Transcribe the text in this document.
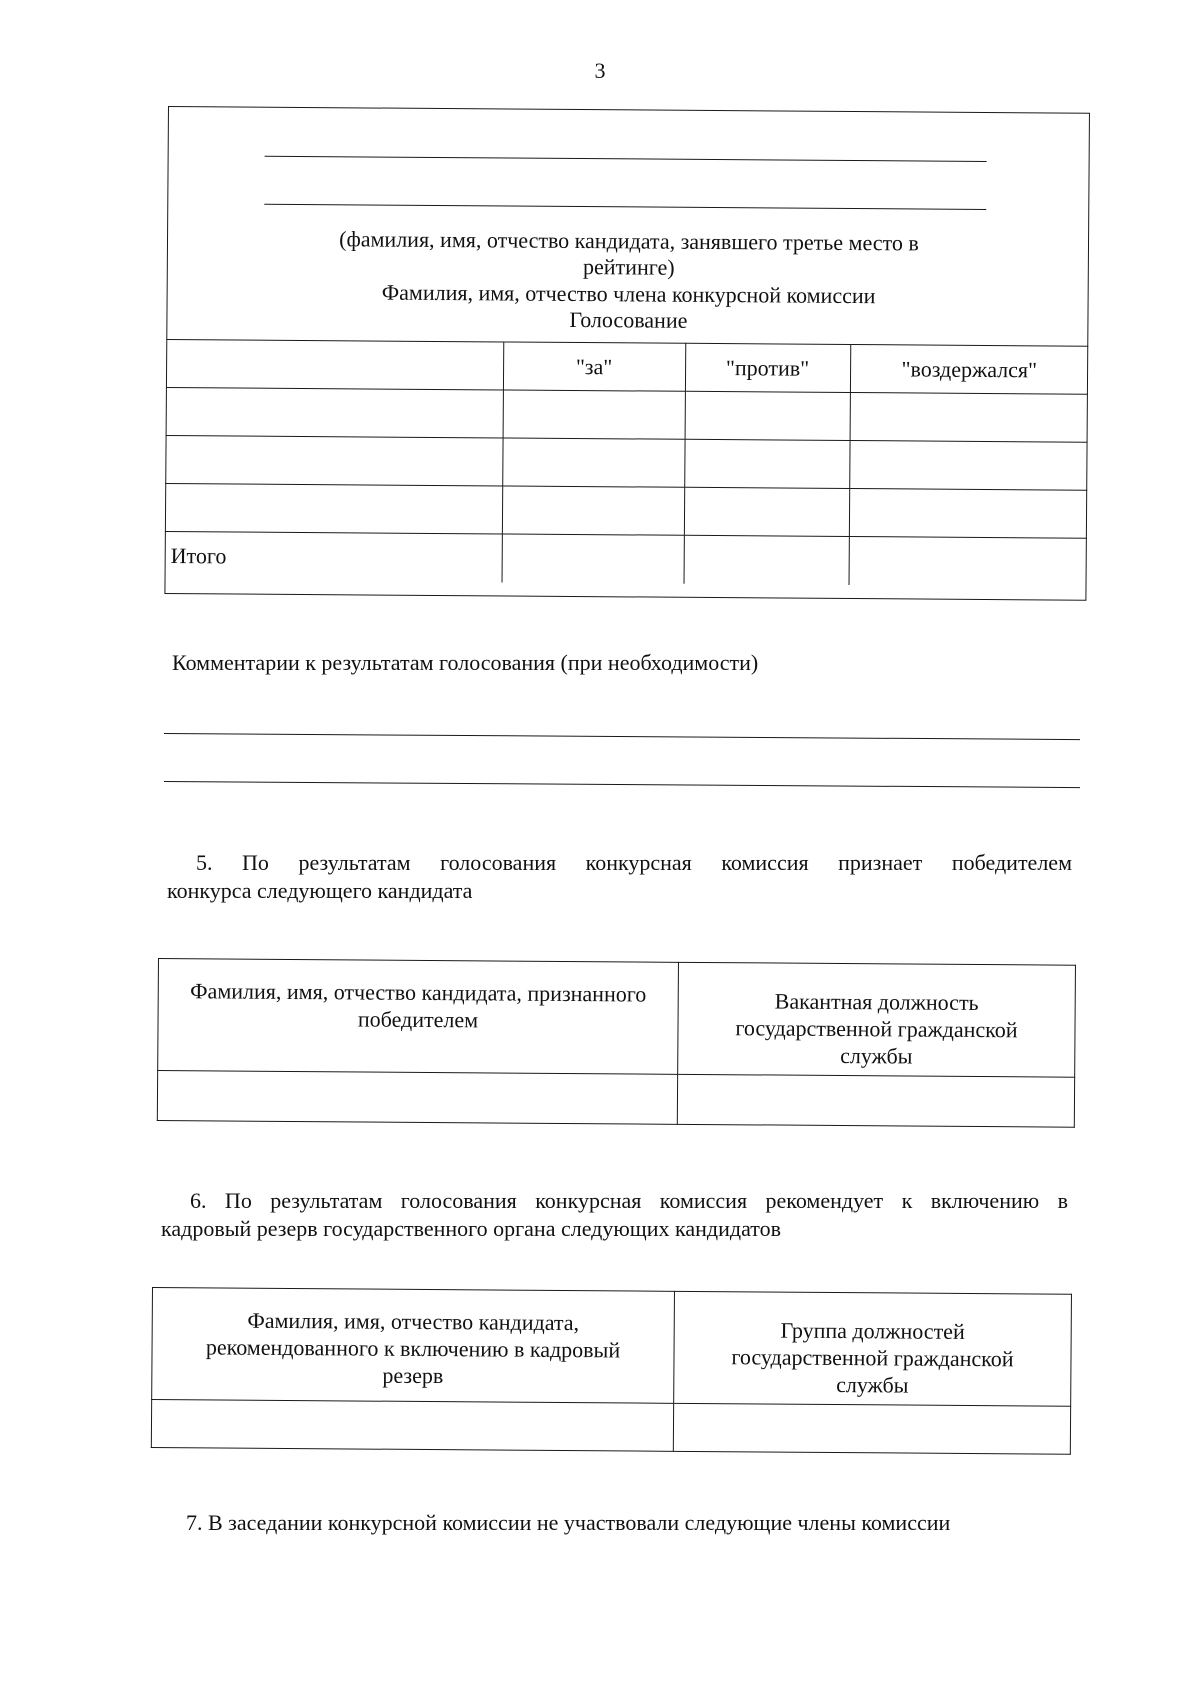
3
(фамилия, имя, отчество кандидата, занявшего третье место в
рейтинге)
Фамилия, имя, отчество члена конкурсной комиссии
Голосование
	"за"	"против"	"воздержался"

Итого			
Комментарии к результатам голосования (при необходимости)
5. По результатам голосования конкурсная комиссия признает победителем
конкурса следующего кандидата
Фамилия, имя, отчество кандидата, признанного победителем	Вакантная должность государственной гражданской службы

6. По результатам голосования конкурсная комиссия рекомендует к включению в
кадровый резерв государственного органа следующих кандидатов
Фамилия, имя, отчество кандидата, рекомендованного к включению в кадровый резерв	Группа должностей государственной гражданской службы

7. В заседании конкурсной комиссии не участвовали следующие члены комиссии
